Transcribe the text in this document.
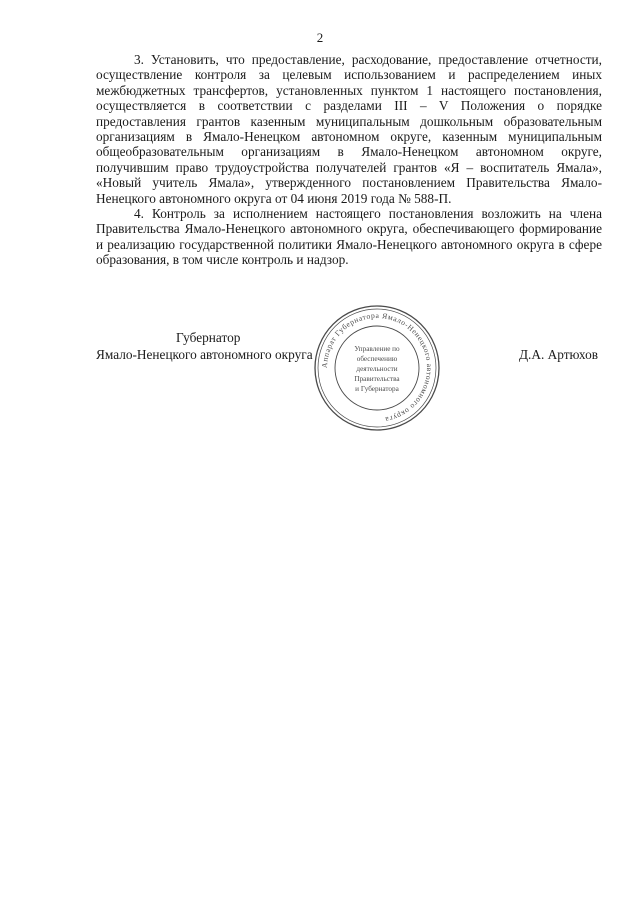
2

3. Установить, что предоставление, расходование, предоставление отчетности, осуществление контроля за целевым использованием и распределением иных межбюджетных трансфертов, установленных пунктом 1 настоящего постановления, осуществляется в соответствии с разделами III – V Положения о порядке предоставления грантов казенным муниципальным дошкольным образовательным организациям в Ямало-Ненецком автономном округе, казенным муниципальным общеобразовательным организациям в Ямало-Ненецком автономном округе, получившим право трудоустройства получателей грантов «Я – воспитатель Ямала», «Новый учитель Ямала», утвержденного постановлением Правительства Ямало-Ненецкого автономного округа от 04 июня 2019 года № 588-П.

4. Контроль за исполнением настоящего постановления возложить на члена Правительства Ямало-Ненецкого автономного округа, обеспечивающего формирование и реализацию государственной политики Ямало-Ненецкого автономного округа в сфере образования, в том числе контроль и надзор.

Губернатор
Ямало-Ненецкого автономного округа	Д.А. Артюхов
Аппарат Губернатора Ямало-Ненецкого автономного округа
Управление по
обеспечению
деятельности
Правительства
и Губернатора
